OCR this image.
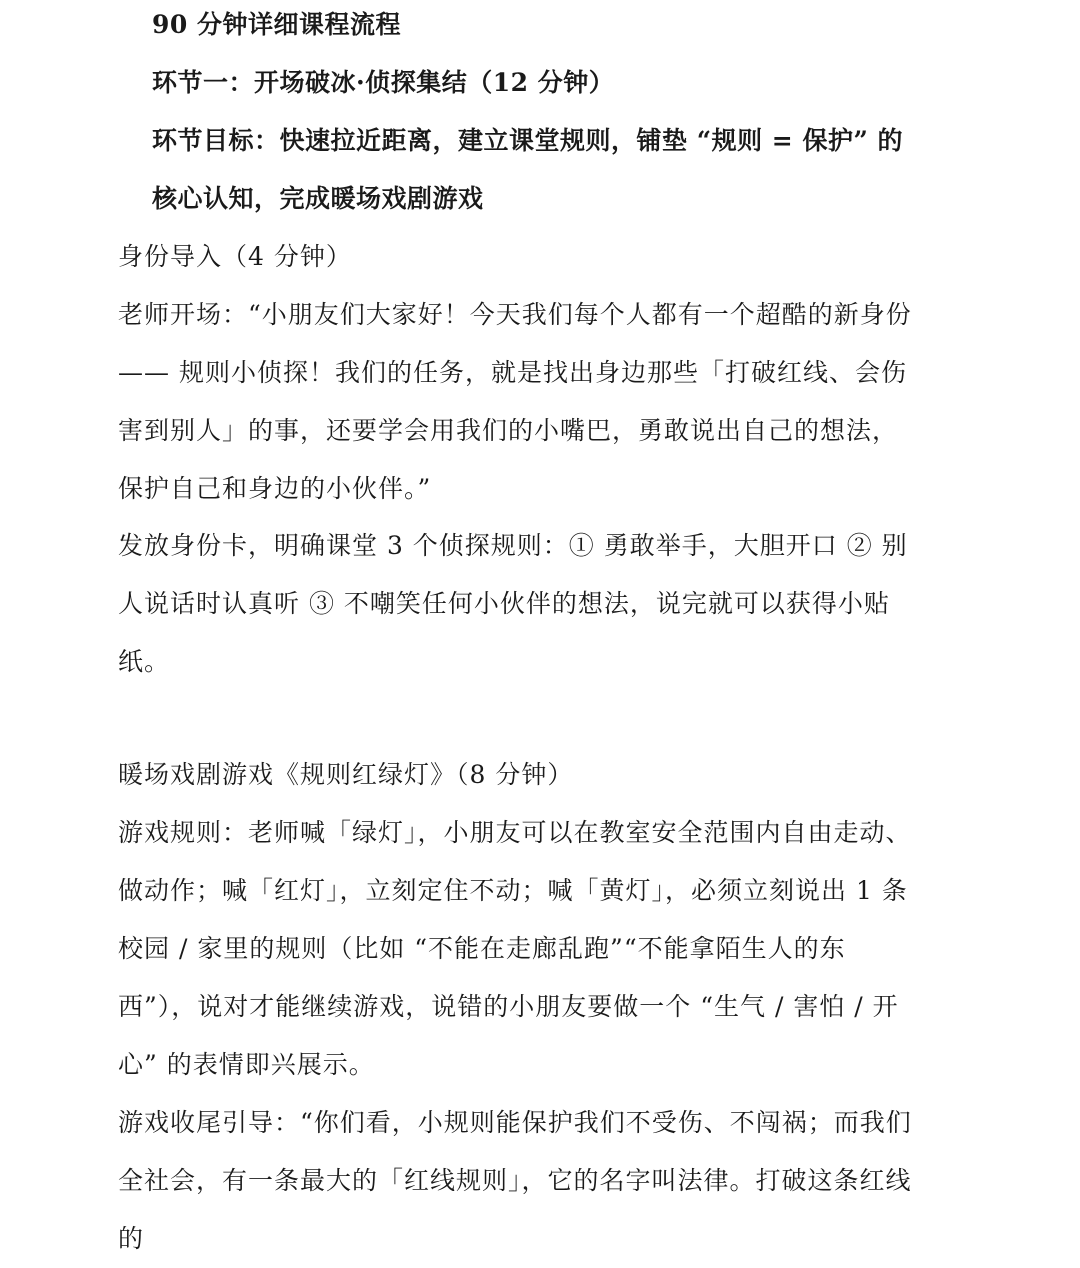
90 分钟详细课程流程
环节一：开场破冰·侦探集结（12 分钟）
环节目标：快速拉近距离，建立课堂规则，铺垫 “规则 = 保护” 的核心认知，完成暖场戏剧游戏
身份导入（4 分钟）
老师开场：“小朋友们大家好！今天我们每个人都有一个超酷的新身份—— 规则小侦探！我们的任务，就是找出身边那些「打破红线、会伤害到别人」的事，还要学会用我们的小嘴巴，勇敢说出自己的想法，保护自己和身边的小伙伴。”
发放身份卡，明确课堂 3 个侦探规则：① 勇敢举手，大胆开口 ② 别人说话时认真听 ③ 不嘲笑任何小伙伴的想法，说完就可以获得小贴纸。
暖场戏剧游戏《规则红绿灯》（8 分钟）
游戏规则：老师喊「绿灯」，小朋友可以在教室安全范围内自由走动、做动作；喊「红灯」，立刻定住不动；喊「黄灯」，必须立刻说出 1 条校园 / 家里的规则（比如 “不能在走廊乱跑”“不能拿陌生人的东西”），说对才能继续游戏，说错的小朋友要做一个 “生气 / 害怕 / 开心” 的表情即兴展示。
游戏收尾引导：“你们看，小规则能保护我们不受伤、不闯祸；而我们全社会，有一条最大的「红线规则」，它的名字叫法律。打破这条红线的
